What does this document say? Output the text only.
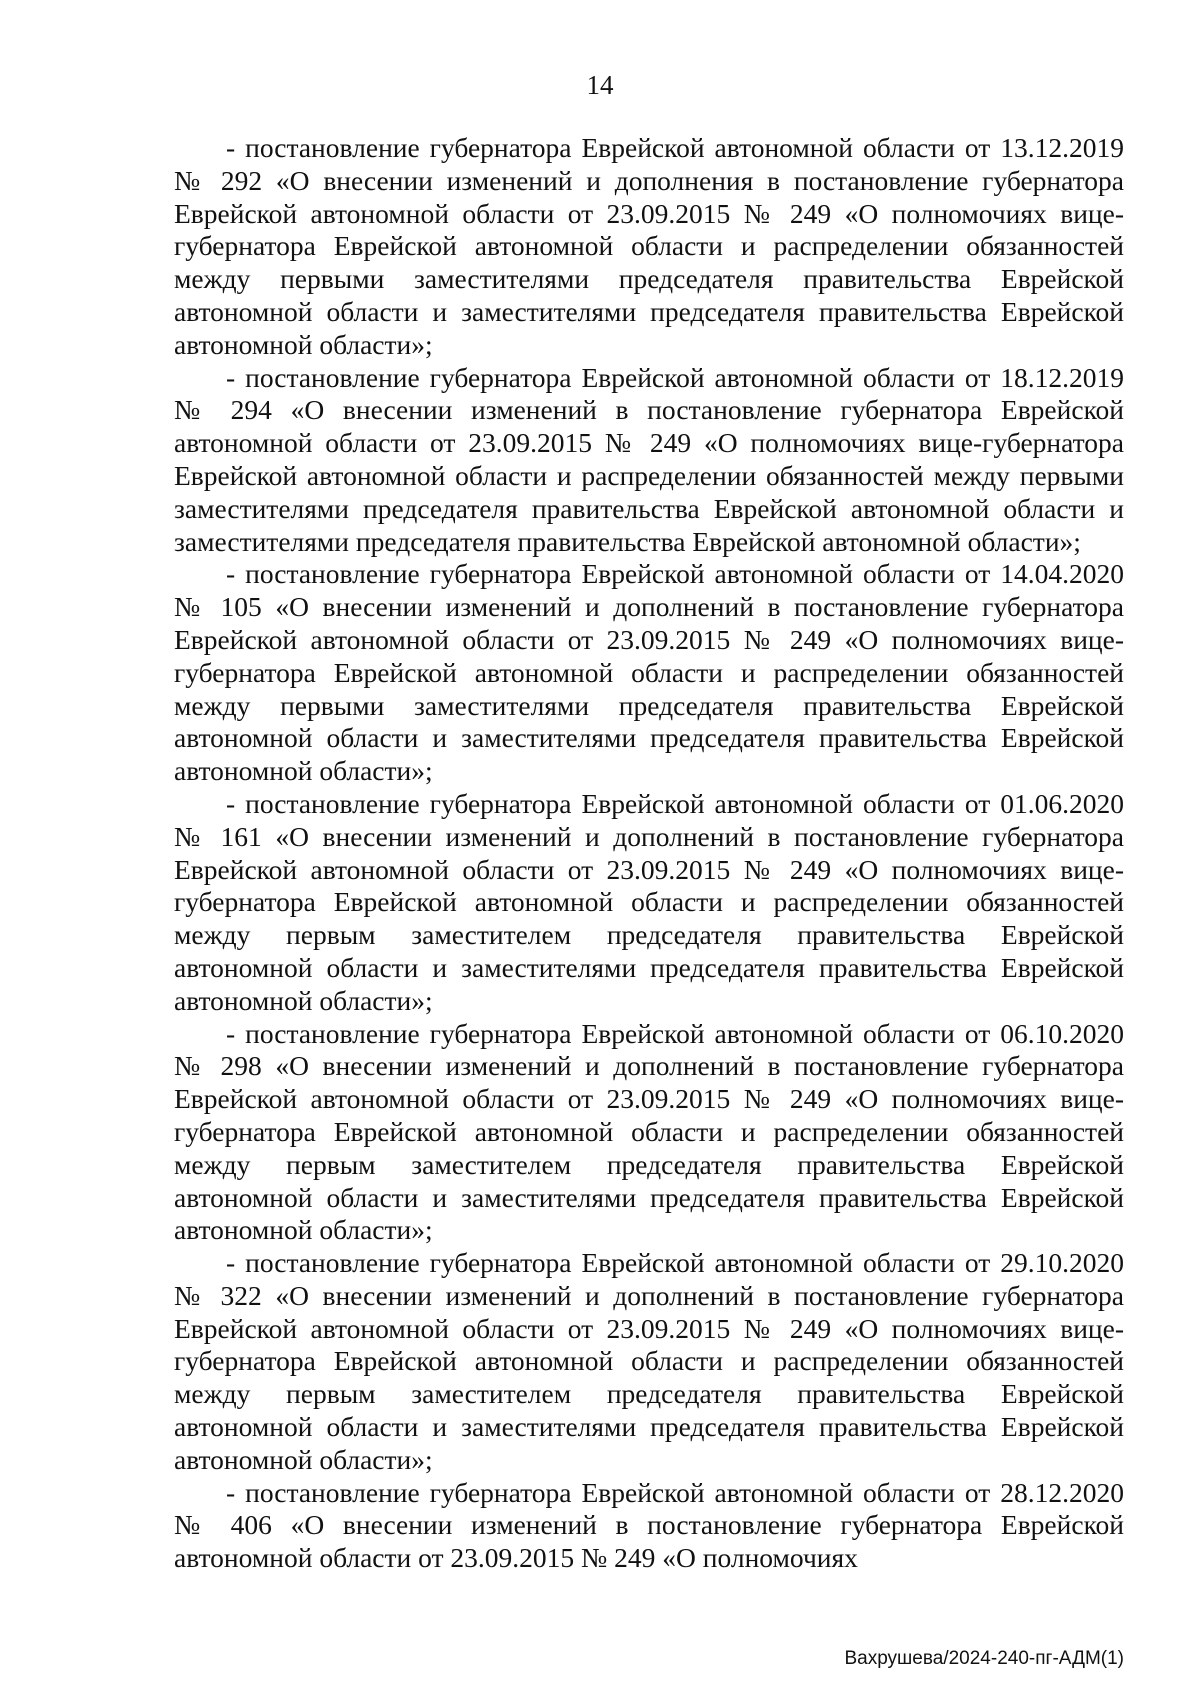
14

- постановление губернатора Еврейской автономной области от 13.12.2019 № 292 «О внесении изменений и дополнения в постановление губернатора Еврейской автономной области от 23.09.2015 № 249 «О полномочиях вице-губернатора Еврейской автономной области и распределении обязанностей между первыми заместителями председателя правительства Еврейской автономной области и заместителями председателя правительства Еврейской автономной области»;

- постановление губернатора Еврейской автономной области от 18.12.2019 № 294 «О внесении изменений в постановление губернатора Еврейской автономной области от 23.09.2015 № 249 «О полномочиях вице-губернатора Еврейской автономной области и распределении обязанностей между первыми заместителями председателя правительства Еврейской автономной области и заместителями председателя правительства Еврейской автономной области»;

- постановление губернатора Еврейской автономной области от 14.04.2020 № 105 «О внесении изменений и дополнений в постановление губернатора Еврейской автономной области от 23.09.2015 № 249 «О полномочиях вице-губернатора Еврейской автономной области и распределении обязанностей между первыми заместителями председателя правительства Еврейской автономной области и заместителями председателя правительства Еврейской автономной области»;

- постановление губернатора Еврейской автономной области от 01.06.2020 № 161 «О внесении изменений и дополнений в постановление губернатора Еврейской автономной области от 23.09.2015 № 249 «О полномочиях вице-губернатора Еврейской автономной области и распределении обязанностей между первым заместителем председателя правительства Еврейской автономной области и заместителями председателя правительства Еврейской автономной области»;

- постановление губернатора Еврейской автономной области от 06.10.2020 № 298 «О внесении изменений и дополнений в постановление губернатора Еврейской автономной области от 23.09.2015 № 249 «О полномочиях вице-губернатора Еврейской автономной области и распределении обязанностей между первым заместителем председателя правительства Еврейской автономной области и заместителями председателя правительства Еврейской автономной области»;

- постановление губернатора Еврейской автономной области от 29.10.2020 № 322 «О внесении изменений и дополнений в постановление губернатора Еврейской автономной области от 23.09.2015 № 249 «О полномочиях вице-губернатора Еврейской автономной области и распределении обязанностей между первым заместителем председателя правительства Еврейской автономной области и заместителями председателя правительства Еврейской автономной области»;

- постановление губернатора Еврейской автономной области от 28.12.2020 № 406 «О внесении изменений в постановление губернатора Еврейской автономной области от 23.09.2015 № 249 «О полномочиях

Вахрушева/2024-240-пг-АДМ(1)
